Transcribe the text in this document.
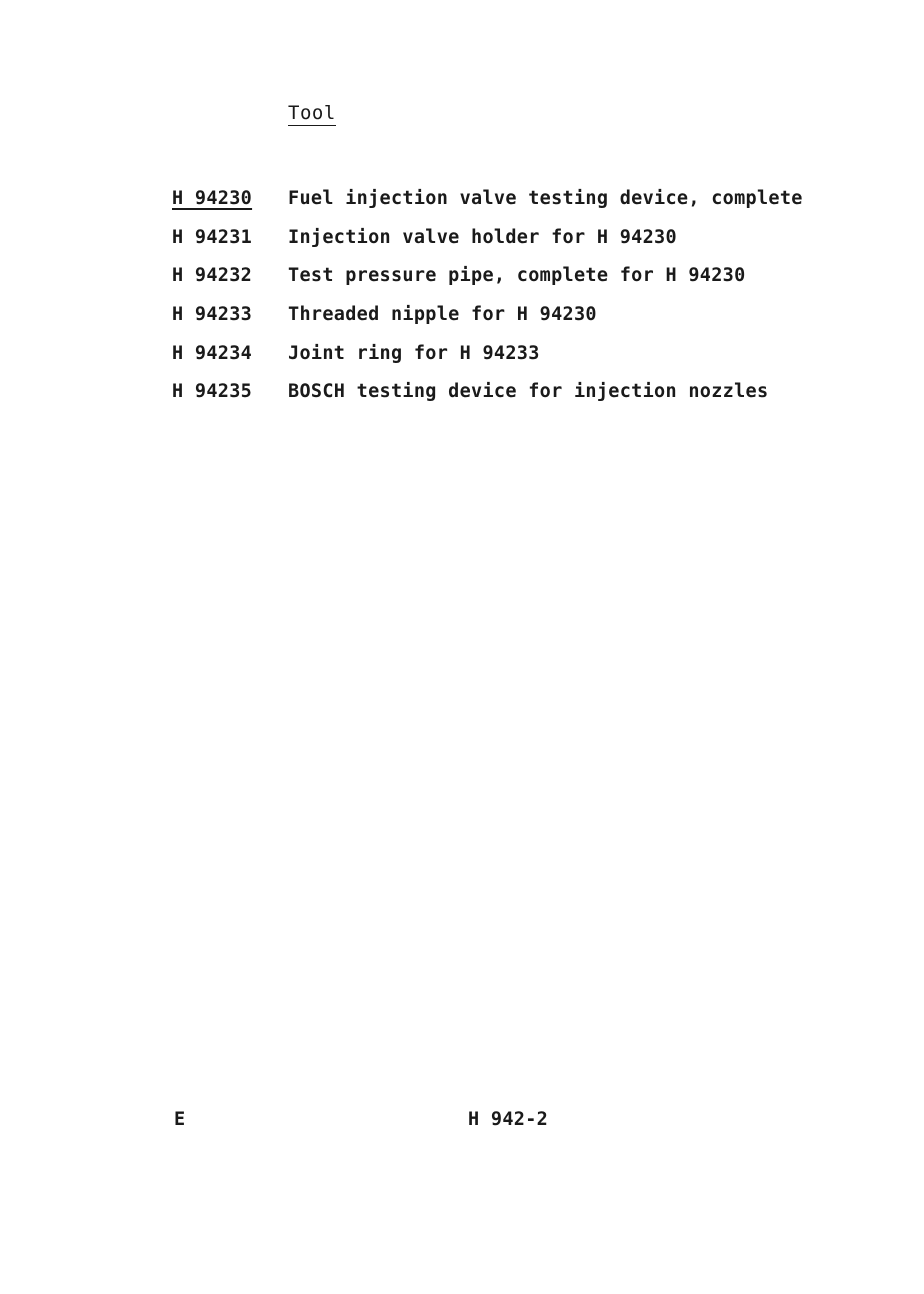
Tool
H 94230	Fuel injection valve testing device, complete
H 94231	Injection valve holder for H 94230
H 94232	Test pressure pipe, complete for H 94230
H 94233	Threaded nipple for H 94230
H 94234	Joint ring for H 94233
H 94235	BOSCH testing device for injection nozzles
E	H 942-2
